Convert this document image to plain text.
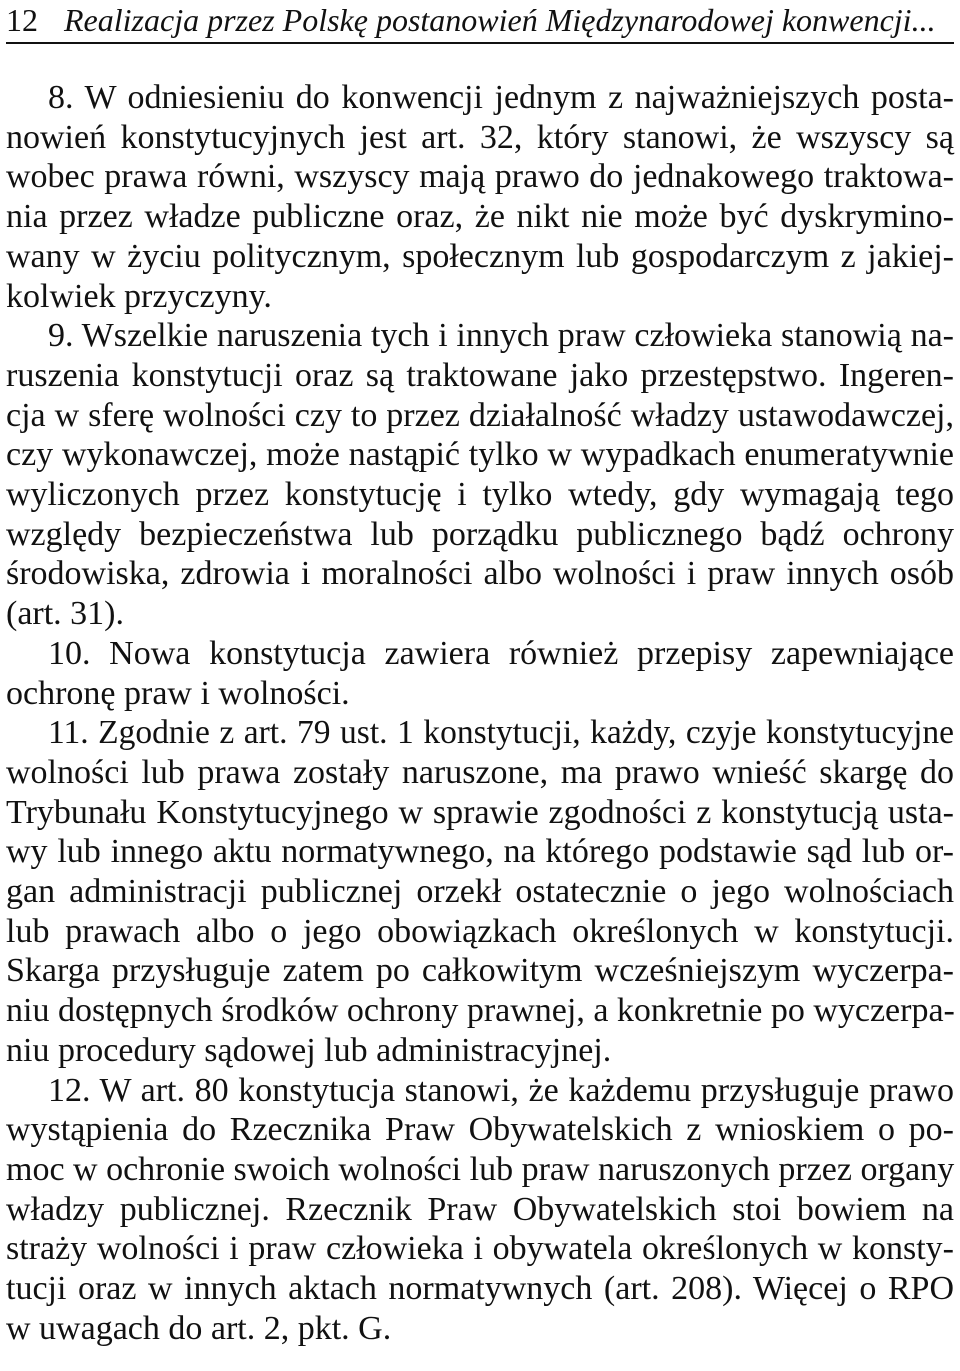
12 Realizacja przez Polskę postanowień Międzynarodowej konwencji...
8. W odniesieniu do konwencji jednym z najważniejszych posta-
nowień konstytucyjnych jest art. 32, który stanowi, że wszyscy są
wobec prawa równi, wszyscy mają prawo do jednakowego traktowa-
nia przez władze publiczne oraz, że nikt nie może być dyskrymino-
wany w życiu politycznym, społecznym lub gospodarczym z jakiej-
kolwiek przyczyny.
9. Wszelkie naruszenia tych i innych praw człowieka stanowią na-
ruszenia konstytucji oraz są traktowane jako przestępstwo. Ingeren-
cja w sferę wolności czy to przez działalność władzy ustawodawczej,
czy wykonawczej, może nastąpić tylko w wypadkach enumeratywnie
wyliczonych przez konstytucję i tylko wtedy, gdy wymagają tego
względy bezpieczeństwa lub porządku publicznego bądź ochrony
środowiska, zdrowia i moralności albo wolności i praw innych osób
(art. 31).
10. Nowa konstytucja zawiera również przepisy zapewniające
ochronę praw i wolności.
11. Zgodnie z art. 79 ust. 1 konstytucji, każdy, czyje konstytucyjne
wolności lub prawa zostały naruszone, ma prawo wnieść skargę do
Trybunału Konstytucyjnego w sprawie zgodności z konstytucją usta-
wy lub innego aktu normatywnego, na którego podstawie sąd lub or-
gan administracji publicznej orzekł ostatecznie o jego wolnościach
lub prawach albo o jego obowiązkach określonych w konstytucji.
Skarga przysługuje zatem po całkowitym wcześniejszym wyczerpa-
niu dostępnych środków ochrony prawnej, a konkretnie po wyczerpa-
niu procedury sądowej lub administracyjnej.
12. W art. 80 konstytucja stanowi, że każdemu przysługuje prawo
wystąpienia do Rzecznika Praw Obywatelskich z wnioskiem o po-
moc w ochronie swoich wolności lub praw naruszonych przez organy
władzy publicznej. Rzecznik Praw Obywatelskich stoi bowiem na
straży wolności i praw człowieka i obywatela określonych w konsty-
tucji oraz w innych aktach normatywnych (art. 208). Więcej o RPO
w uwagach do art. 2, pkt. G.
